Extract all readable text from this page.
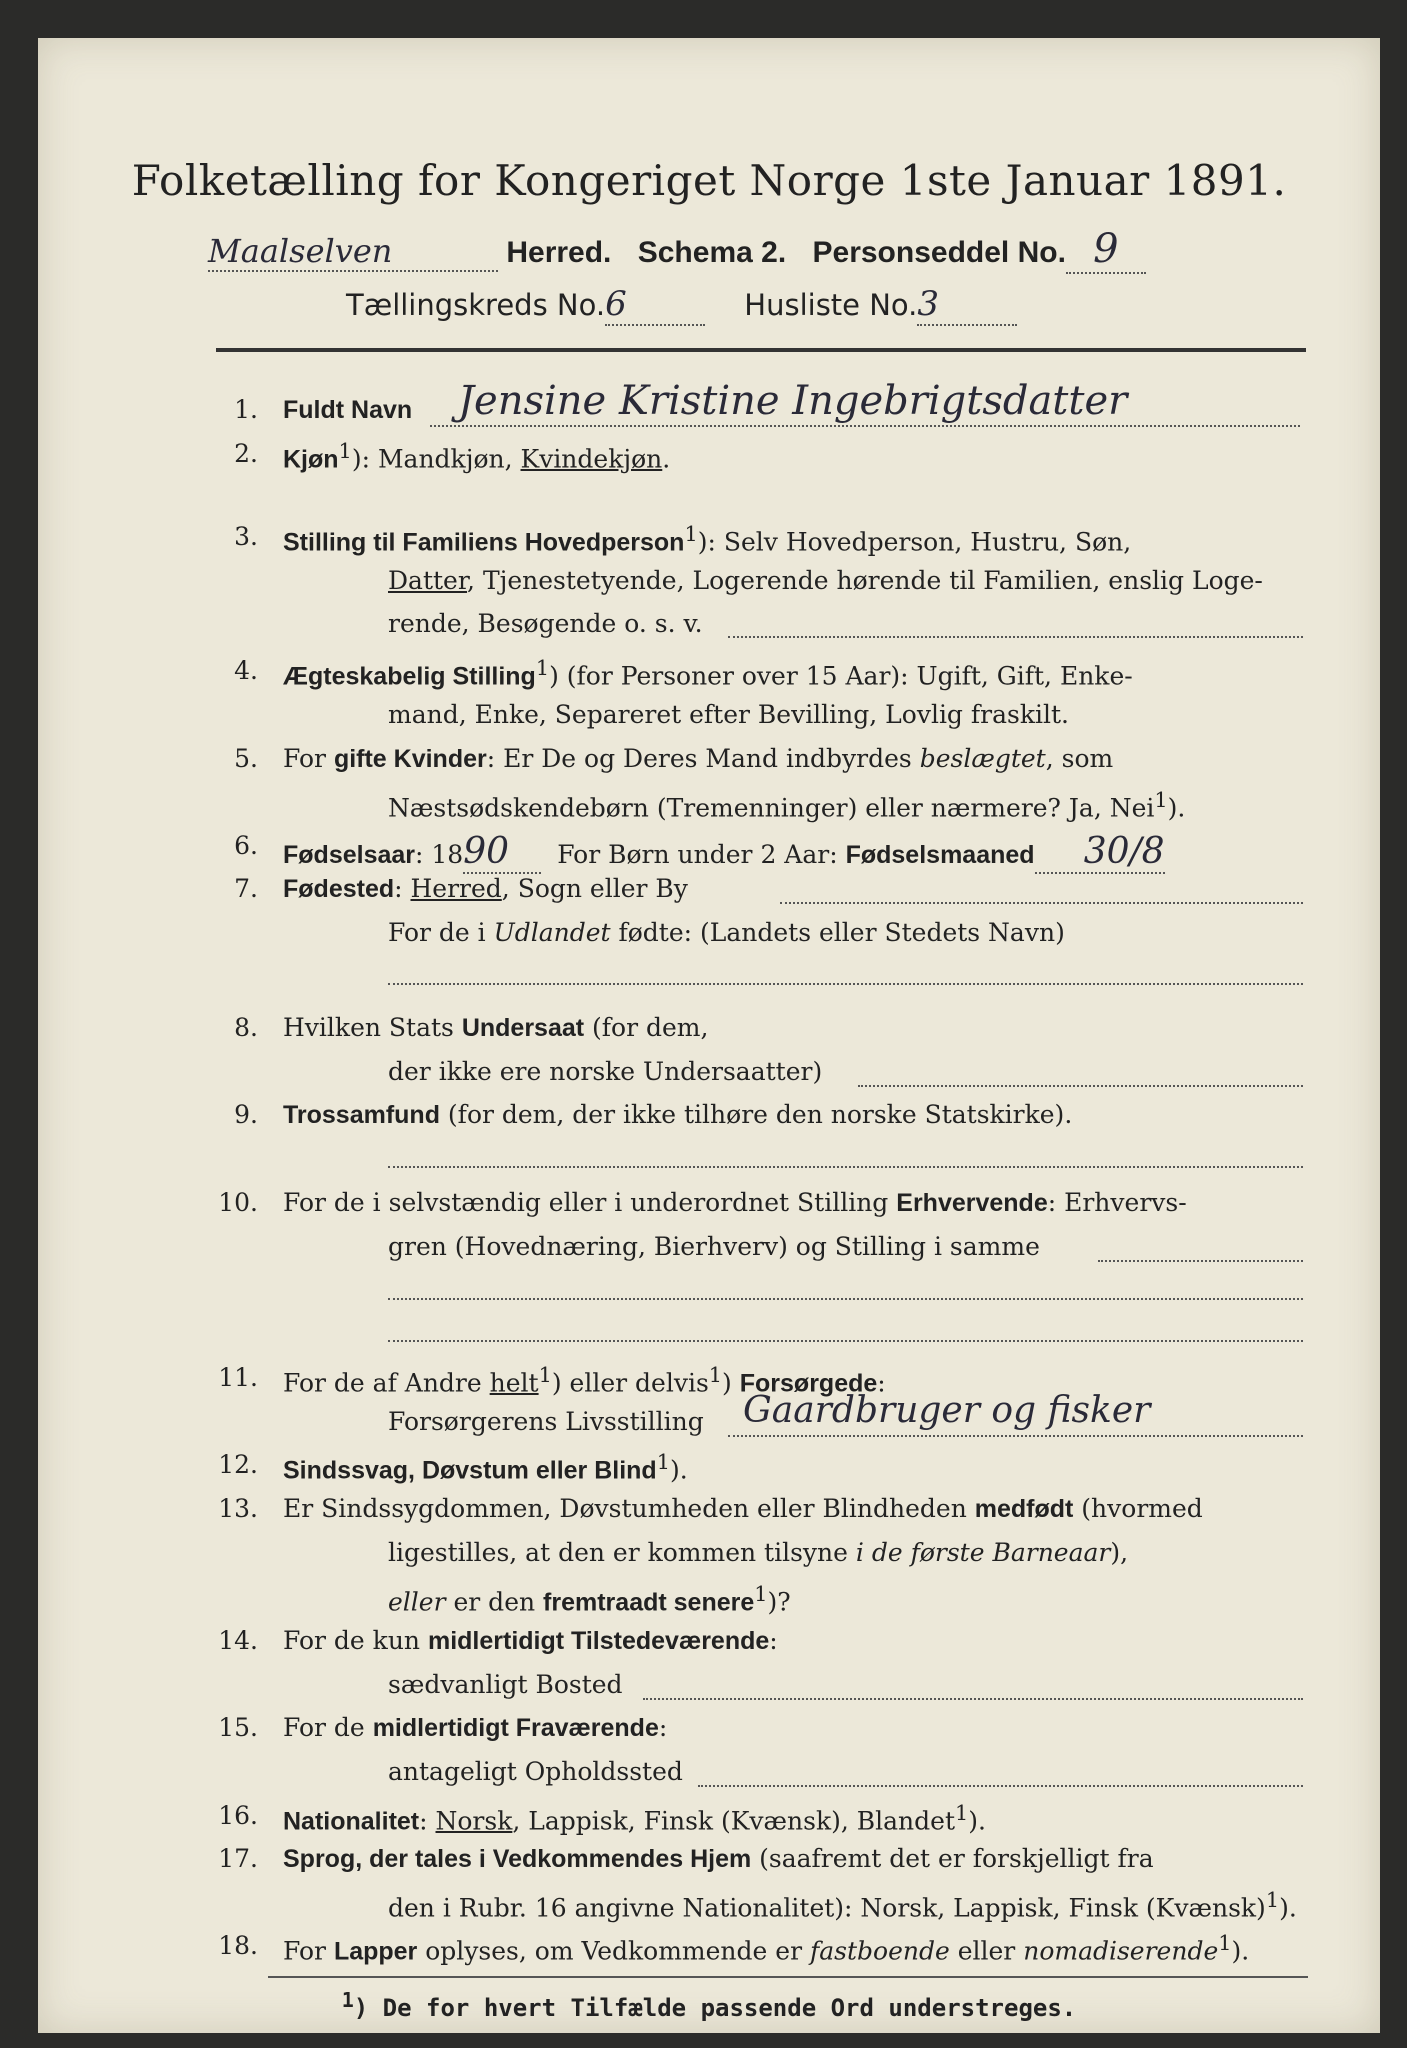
Folketælling for Kongeriget Norge 1ste Januar 1891.
Maalselven	Herred. Schema 2. Personseddel No. 9
Tællingskreds No.6	Husliste No.3
1. Fuldt Navn Jensine Kristine Ingebrigtsdatter
2. Kjøn$^1$): Mandkjøn, Kvindekjøn.
3. Stilling til Familiens Hovedperson$^1$): Selv Hovedperson, Hustru, Søn,
Datter, Tjenestetyende, Logerende hørende til Familien, enslig Loge-
rende, Besøgende o. s. v.
4. Ægteskabelig Stilling$^1$) (for Personer over 15 Aar): Ugift, Gift, Enke-
mand, Enke, Separeret efter Bevilling, Lovlig fraskilt.
5. For gifte Kvinder: Er De og Deres Mand indbyrdes beslægtet, som
Næstsødskendebørn (Tremenninger) eller nærmere? Ja, Nei$^1$).
6. Fødselsaar: 1890 For Børn under 2 Aar: Fødselsmaaned 30/8
7. Fødested: Herred, Sogn eller By
For de i Udlandet fødte: (Landets eller Stedets Navn)
8. Hvilken Stats Undersaat (for dem,
der ikke ere norske Undersaatter)
9. Trossamfund (for dem, der ikke tilhøre den norske Statskirke).
10. For de i selvstændig eller i underordnet Stilling Erhvervende: Erhvervs-
gren (Hovednæring, Bierhverv) og Stilling i samme
11. For de af Andre helt$^1$) eller delvis$^1$) Forsørgede:
Forsørgerens Livsstilling Gaardbruger og fisker
12. Sindssvag, Døvstum eller Blind$^1$).
13. Er Sindssygdommen, Døvstumheden eller Blindheden medfødt (hvormed
ligestilles, at den er kommen tilsyne i de første Barneaar),
eller er den fremtraadt senere$^1$)?
14. For de kun midlertidigt Tilstedeværende:
sædvanligt Bosted
15. For de midlertidigt Fraværende:
antageligt Opholdssted
16. Nationalitet: Norsk, Lappisk, Finsk (Kvænsk), Blandet$^1$).
17. Sprog, der tales i Vedkommendes Hjem (saafremt det er forskjelligt fra
den i Rubr. 16 angivne Nationalitet): Norsk, Lappisk, Finsk (Kvænsk)$^1$).
18. For Lapper oplyses, om Vedkommende er fastboende eller nomadiserende$^1$).
$^1$) De for hvert Tilfælde passende Ord understreges.
